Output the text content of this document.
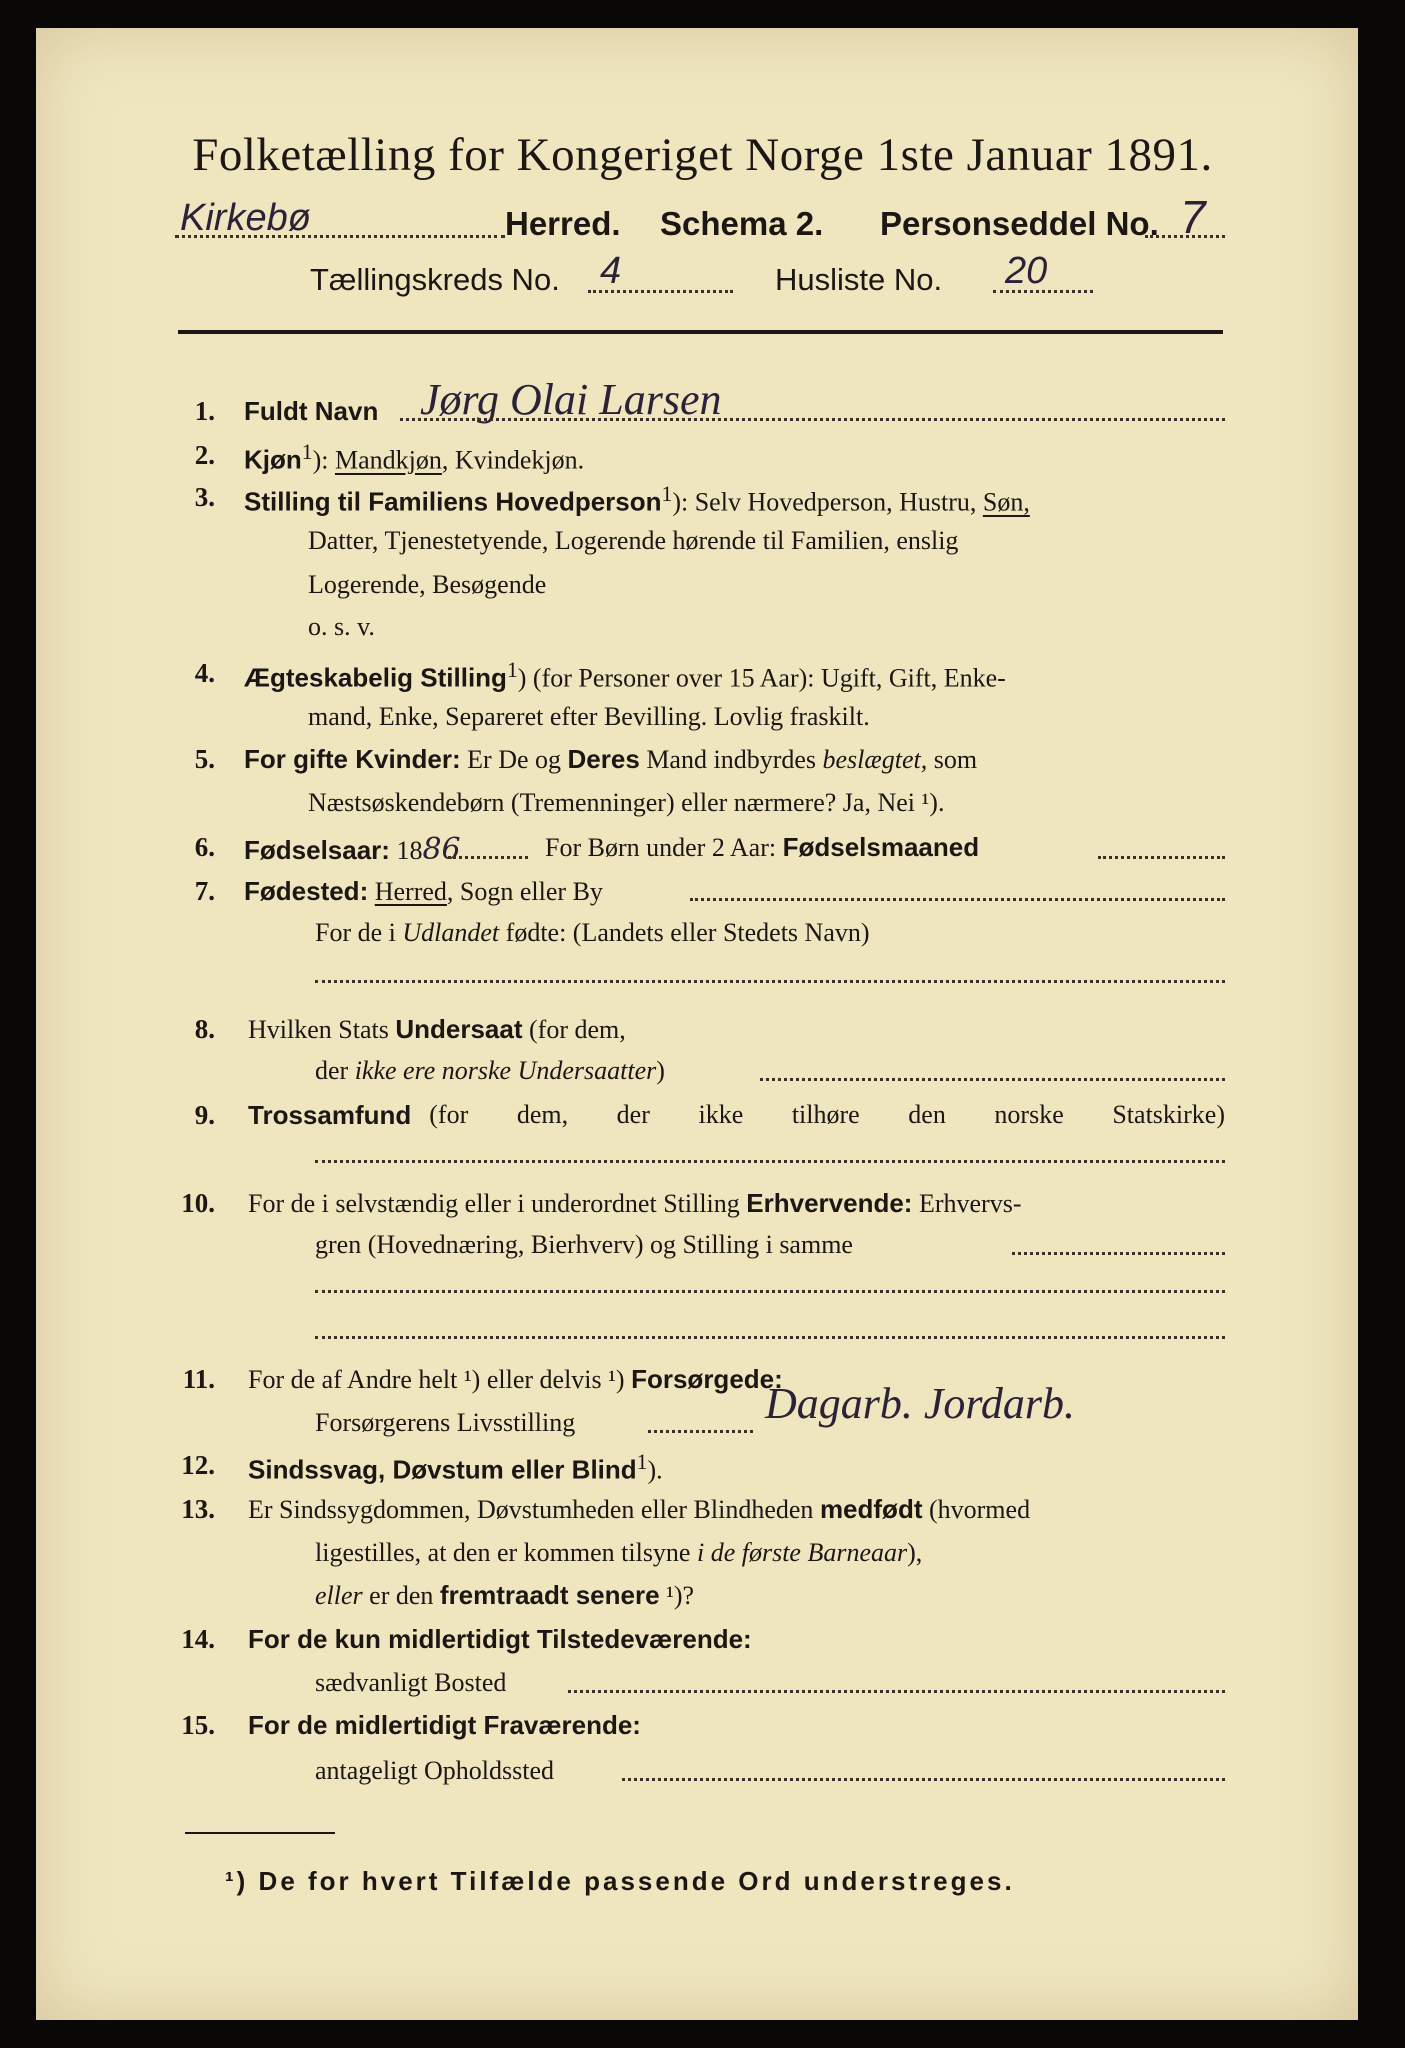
Folketælling for Kongeriget Norge 1ste Januar 1891.
Kirkebø	Herred. Schema 2. Personseddel No. 7
Tællingskreds No. 4	Husliste No. 20
1. Fuldt Navn Jørg Olai Larsen
2. Kjøn$^1$): Mandkjøn, Kvindekjøn.
3. Stilling til Familiens Hovedperson$^1$): Selv Hovedperson, Hustru, Søn,
Datter, Tjenestetyende, Logerende hørende til Familien, enslig
Logerende, Besøgende
o. s. v.
4. Ægteskabelig Stilling$^1$) (for Personer over 15 Aar): Ugift, Gift, Enke-
mand, Enke, Separeret efter Bevilling. Lovlig fraskilt.
5. For gifte Kvinder: Er De og Deres Mand indbyrdes beslægtet, som
Næstsøskendebørn (Tremenninger) eller nærmere? Ja, Nei ¹).
6. Fødselsaar: 1886	For Børn under 2 Aar: Fødselsmaaned
7. Fødested: Herred, Sogn eller By
For de i Udlandet fødte: (Landets eller Stedets Navn)
8. Hvilken Stats Undersaat (for dem,
der ikke ere norske Undersaatter)
9. Trossamfund (for dem, der ikke tilhøre den norske Statskirke)
10. For de i selvstændig eller i underordnet Stilling Erhvervende: Erhvervs-
gren (Hovednæring, Bierhverv) og Stilling i samme
11. For de af Andre helt ¹) eller delvis ¹) Forsørgede:
Forsørgerens Livsstilling	Dagarb. Jordarb.
12. Sindssvag, Døvstum eller Blind$^1$).
13. Er Sindssygdommen, Døvstumheden eller Blindheden medfødt (hvormed
ligestilles, at den er kommen tilsyne i de første Barneaar),
eller er den fremtraadt senere ¹)?
14. For de kun midlertidigt Tilstedeværende:
sædvanligt Bosted
15. For de midlertidigt Fraværende:
antageligt Opholdssted
¹) De for hvert Tilfælde passende Ord understreges.
